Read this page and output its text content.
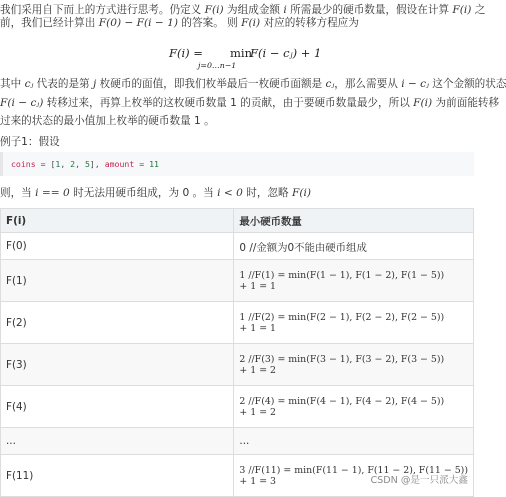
我们采用自下而上的方式进行思考。仍定义 F(i) 为组成金额 i 所需最少的硬币数量，假设在计算 F(i) 之
前，我们已经计算出 F(0) − F(i − 1) 的答案。 则 F(i) 对应的转移方程应为
F(i) = min
j=0…n−1
F(i − cⱼ) + 1
其中 cⱼ 代表的是第 j 枚硬币的面值，即我们枚举最后一枚硬币面额是 cⱼ，那么需要从 i − cⱼ 这个金额的状态
F(i − cⱼ) 转移过来，再算上枚举的这枚硬币数量 1 的贡献，由于要硬币数量最少，所以 F(i) 为前面能转移
过来的状态的最小值加上枚举的硬币数量 1 。
例子1：假设
coins = [1, 2, 5], amount = 11
则，当 i == 0 时无法用硬币组成，为 0 。当 i < 0 时，忽略 F(i)
F(i)	最小硬币数量
F(0)	0 //金额为0不能由硬币组成

F(1)	1 //F(1) = min(F(1 − 1), F(1 − 2), F(1 − 5))
+ 1 = 1

F(2)	1 //F(2) = min(F(2 − 1), F(2 − 2), F(2 − 5))
+ 1 = 1

F(3)	2 //F(3) = min(F(3 − 1), F(3 − 2), F(3 − 5))
+ 1 = 2

F(4)	2 //F(4) = min(F(4 − 1), F(4 − 2), F(4 − 5))
+ 1 = 2

...	...

F(11)	3 //F(11) = min(F(11 − 1), F(11 − 2), F(11 − 5))
+ 1 = 3	CSDN @是一只派大鑫
